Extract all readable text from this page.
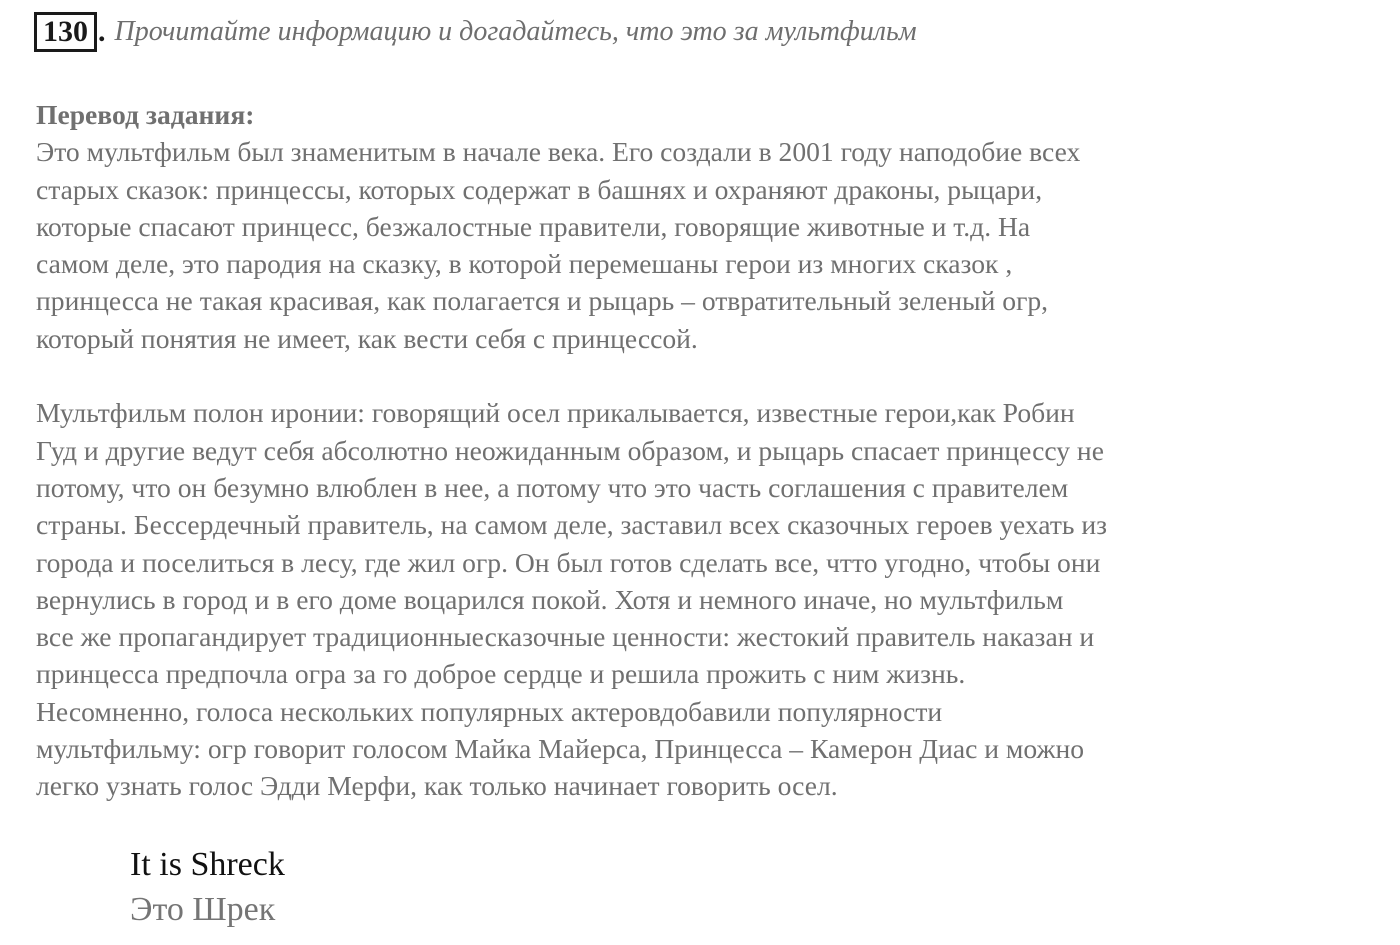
130 . Прочитайте информацию и догадайтесь, что это за мультфильм
Перевод задания:
Это мультфильм был знаменитым в начале века. Его создали в 2001 году наподобие всех
старых сказок: принцессы, которых содержат в башнях и охраняют драконы, рыцари,
которые спасают принцесс, безжалостные правители, говорящие животные и т.д. На
самом деле, это пародия на сказку, в которой перемешаны герои из многих сказок ,
принцесса не такая красивая, как полагается и рыцарь – отвратительный зеленый огр,
который понятия не имеет, как вести себя с принцессой.
Мультфильм полон иронии: говорящий осел прикалывается, известные герои,как Робин
Гуд и другие ведут себя абсолютно неожиданным образом, и рыцарь спасает принцессу не
потому, что он безумно влюблен в нее, а потому что это часть соглашения с правителем
страны. Бессердечный правитель, на самом деле, заставил всех сказочных героев уехать из
города и поселиться в лесу, где жил огр. Он был готов сделать все, чтто угодно, чтобы они
вернулись в город и в его доме воцарился покой. Хотя и немного иначе, но мультфильм
все же пропагандирует традиционныесказочные ценности: жестокий правитель наказан и
принцесса предпочла огра за го доброе сердце и решила прожить с ним жизнь.
Несомненно, голоса нескольких популярных актеровдобавили популярности
мультфильму: огр говорит голосом Майка Майерса, Принцесса – Камерон Диас и можно
легко узнать голос Эдди Мерфи, как только начинает говорить осел.
It is Shreck
Это Шрек
